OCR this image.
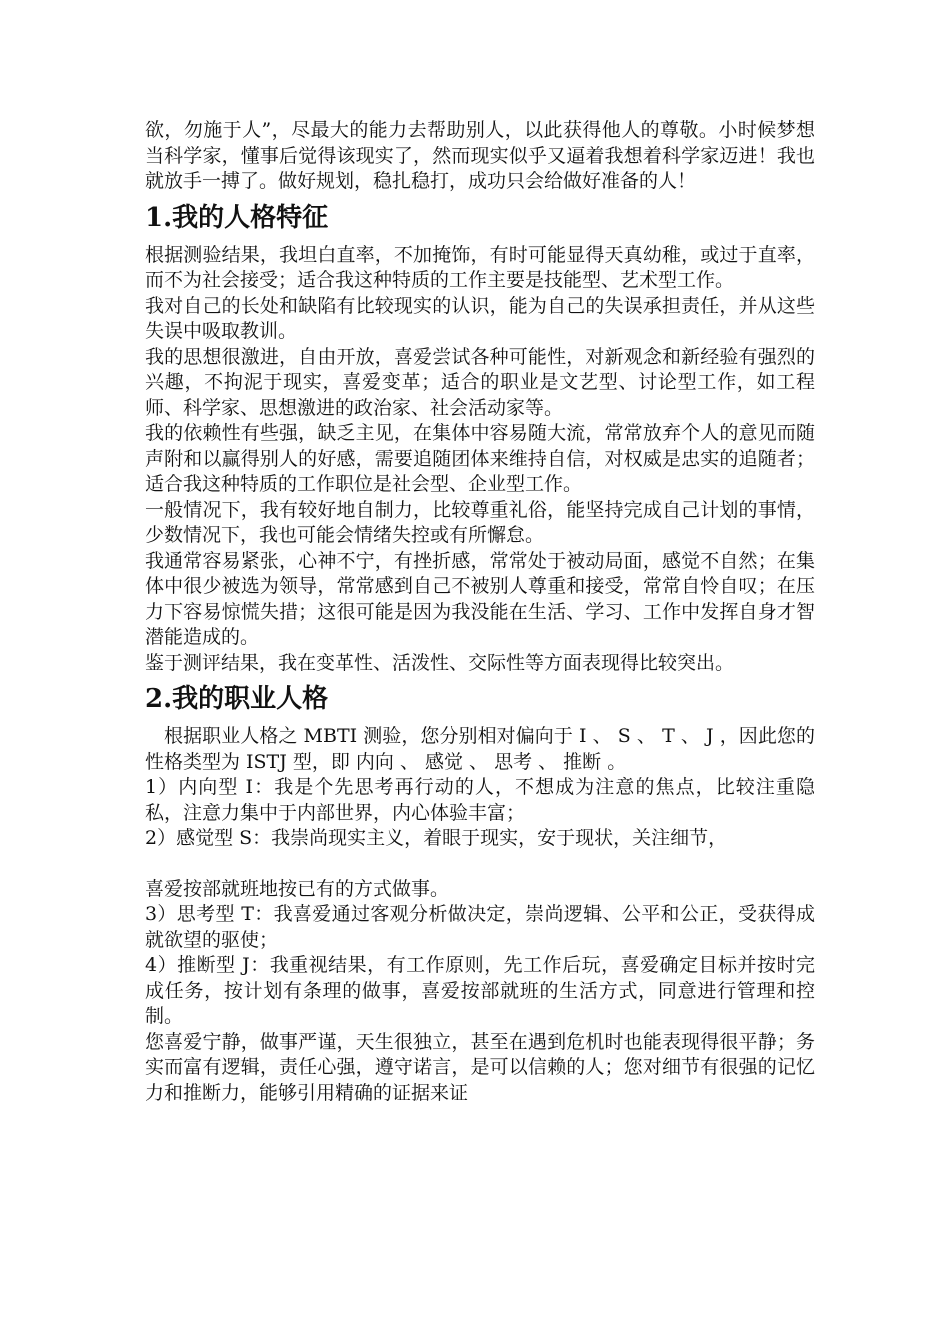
欲，勿施于人”，尽最大的能力去帮助别人，以此获得他人的尊敬。小时候梦想当科学家，懂事后觉得该现实了，然而现实似乎又逼着我想着科学家迈进！我也就放手一搏了。做好规划，稳扎稳打，成功只会给做好准备的人！

1.我的人格特征

根据测验结果，我坦白直率，不加掩饰，有时可能显得天真幼稚，或过于直率，而不为社会接受；适合我这种特质的工作主要是技能型、艺术型工作。

我对自己的长处和缺陷有比较现实的认识，能为自己的失误承担责任，并从这些失误中吸取教训。

我的思想很激进，自由开放，喜爱尝试各种可能性，对新观念和新经验有强烈的兴趣，不拘泥于现实，喜爱变革；适合的职业是文艺型、讨论型工作，如工程师、科学家、思想激进的政治家、社会活动家等。

我的依赖性有些强，缺乏主见，在集体中容易随大流，常常放弃个人的意见而随声附和以赢得别人的好感，需要追随团体来维持自信，对权威是忠实的追随者；适合我这种特质的工作职位是社会型、企业型工作。

一般情况下，我有较好地自制力，比较尊重礼俗，能坚持完成自己计划的事情，少数情况下，我也可能会情绪失控或有所懈怠。

我通常容易紧张，心神不宁，有挫折感，常常处于被动局面，感觉不自然；在集体中很少被选为领导，常常感到自己不被别人尊重和接受，常常自怜自叹；在压力下容易惊慌失措；这很可能是因为我没能在生活、学习、工作中发挥自身才智潜能造成的。

鉴于测评结果，我在变革性、活泼性、交际性等方面表现得比较突出。

2.我的职业人格

根据职业人格之 MBTI 测验，您分别相对偏向于 I 、 S 、 T 、 J ，因此您的性格类型为 ISTJ 型，即 内向 、 感觉 、 思考 、 推断 。

1）内向型 I：我是个先思考再行动的人，不想成为注意的焦点，比较注重隐私，注意力集中于内部世界，内心体验丰富；

2）感觉型 S：我崇尚现实主义，着眼于现实，安于现状，关注细节，

喜爱按部就班地按已有的方式做事。

3）思考型 T：我喜爱通过客观分析做决定，崇尚逻辑、公平和公正，受获得成就欲望的驱使；

4）推断型 J：我重视结果，有工作原则，先工作后玩，喜爱确定目标并按时完成任务，按计划有条理的做事，喜爱按部就班的生活方式，同意进行管理和控制。

您喜爱宁静，做事严谨，天生很独立，甚至在遇到危机时也能表现得很平静；务实而富有逻辑，责任心强，遵守诺言，是可以信赖的人；您对细节有很强的记忆力和推断力，能够引用精确的证据来证
